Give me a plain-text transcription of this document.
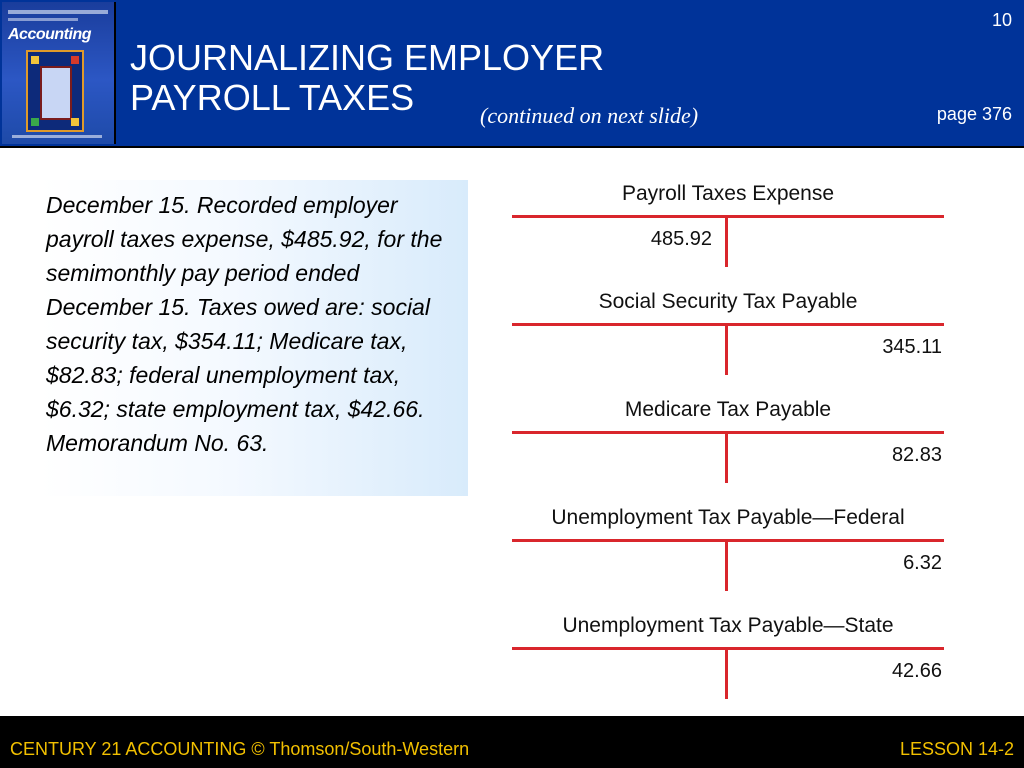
Accounting
JOURNALIZING EMPLOYER
PAYROLL TAXES	(continued on next slide)
10
page 376

December 15. Recorded employer payroll taxes expense, $485.92, for the semimonthly pay period ended December 15. Taxes owed are: social security tax, $354.11; Medicare tax, $82.83; federal unemployment tax, $6.32; state employment tax, $42.66. Memorandum No. 63.

Payroll Taxes Expense
485.92
Social Security Tax Payable
345.11
Medicare Tax Payable
82.83
Unemployment Tax Payable—Federal
6.32
Unemployment Tax Payable—State
42.66
CENTURY 21 ACCOUNTING © Thomson/South-Western	LESSON 14-2
